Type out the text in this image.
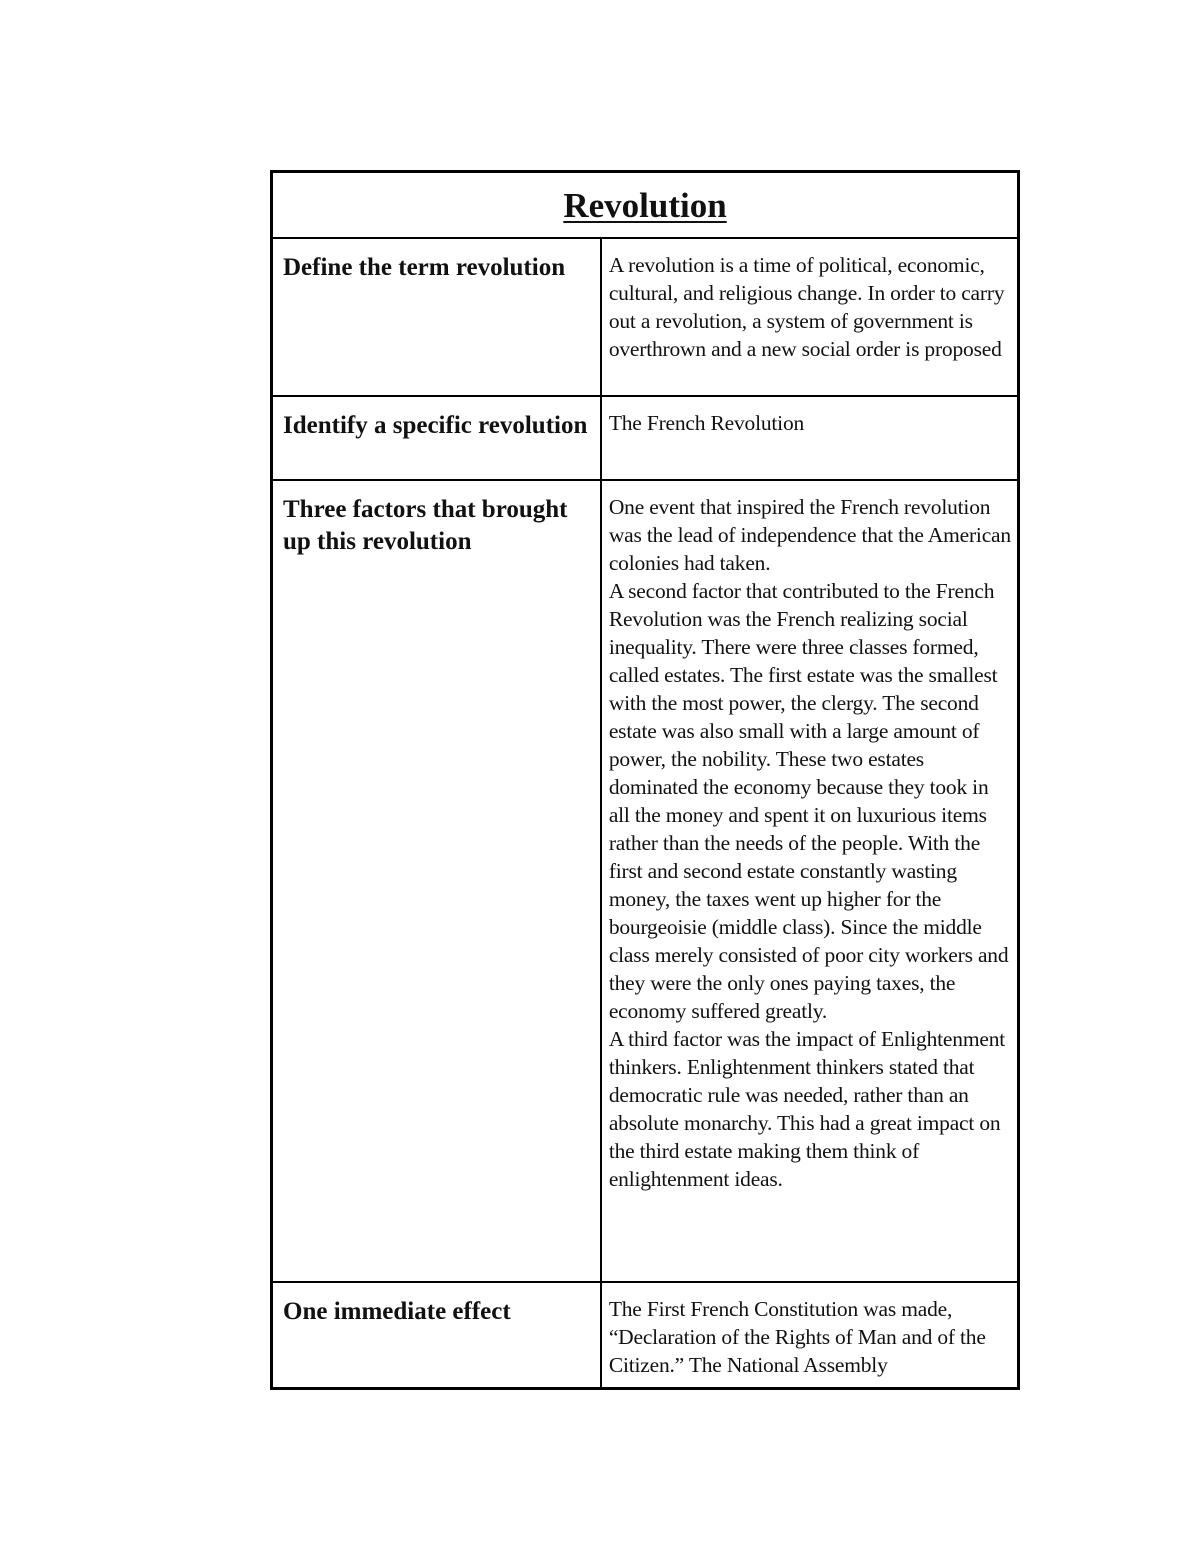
Revolution	

Define the term revolution	A revolution is a time of political, economic, cultural, and religious change. In order to carry out a revolution, a system of government is overthrown and a new social order is proposed

Identify a specific revolution	The French Revolution

Three factors that brought up this revolution	One event that inspired the French revolution was the lead of independence that the American colonies had taken.

A second factor that contributed to the French Revolution was the French realizing social inequality. There were three classes formed, called estates. The first estate was the smallest with the most power, the clergy. The second estate was also small with a large amount of power, the nobility. These two estates dominated the economy because they took in all the money and spent it on luxurious items rather than the needs of the people. With the first and second estate constantly wasting money, the taxes went up higher for the bourgeoisie (middle class). Since the middle class merely consisted of poor city workers and they were the only ones paying taxes, the economy suffered greatly.

A third factor was the impact of Enlightenment thinkers. Enlightenment thinkers stated that democratic rule was needed, rather than an absolute monarchy. This had a great impact on the third estate making them think of enlightenment ideas.

One immediate effect	The First French Constitution was made, “Declaration of the Rights of Man and of the Citizen.” The National Assembly
